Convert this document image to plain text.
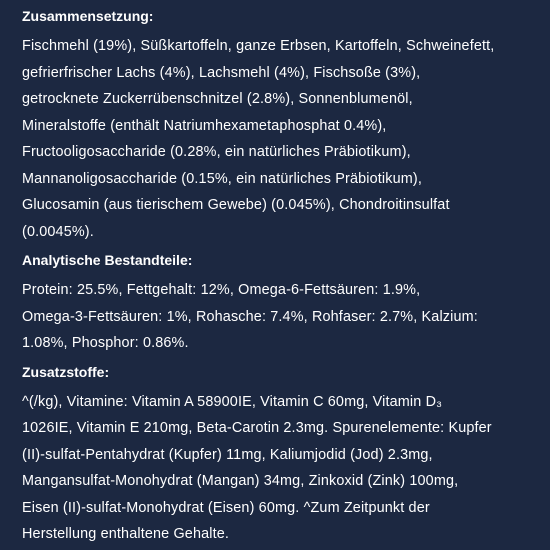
Zusammensetzung:
Fischmehl (19%), Süßkartoffeln, ganze Erbsen, Kartoffeln, Schweinefett,
gefrierfrischer Lachs (4%), Lachsmehl (4%), Fischsoße (3%),
getrocknete Zuckerrübenschnitzel (2.8%), Sonnenblumenöl,
Mineralstoffe (enthält Natriumhexametaphosphat 0.4%),
Fructooligosaccharide (0.28%, ein natürliches Präbiotikum),
Mannanoligosaccharide (0.15%, ein natürliches Präbiotikum),
Glucosamin (aus tierischem Gewebe) (0.045%), Chondroitinsulfat
(0.0045%).
Analytische Bestandteile:
Protein: 25.5%, Fettgehalt: 12%, Omega-6-Fettsäuren: 1.9%,
Omega-3-Fettsäuren: 1%, Rohasche: 7.4%, Rohfaser: 2.7%, Kalzium:
1.08%, Phosphor: 0.86%.
Zusatzstoffe:
^(/kg), Vitamine: Vitamin A 58900IE, Vitamin C 60mg, Vitamin D₃
1026IE, Vitamin E 210mg, Beta-Carotin 2.3mg. Spurenelemente: Kupfer
(II)-sulfat-Pentahydrat (Kupfer) 11mg, Kaliumjodid (Jod) 2.3mg,
Mangansulfat-Monohydrat (Mangan) 34mg, Zinkoxid (Zink) 100mg,
Eisen (II)-sulfat-Monohydrat (Eisen) 60mg. ^Zum Zeitpunkt der
Herstellung enthaltene Gehalte.
